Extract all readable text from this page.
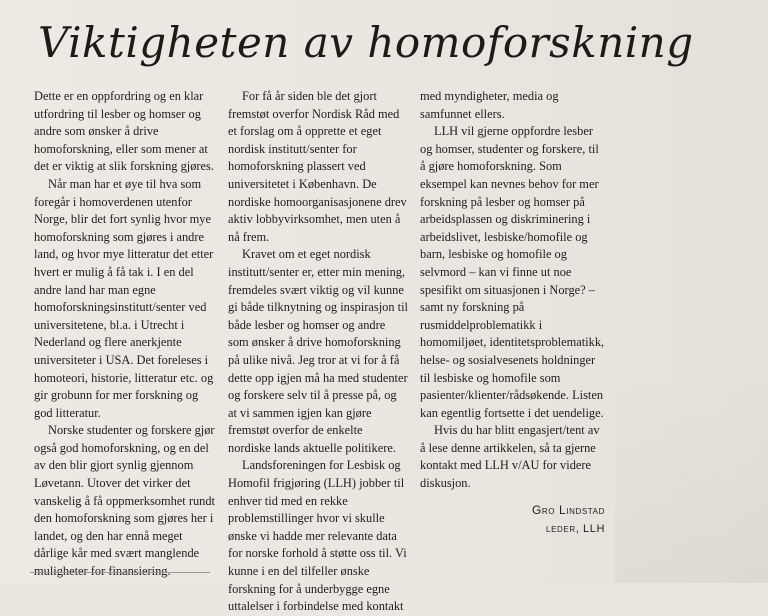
Viktigheten av homoforskning

Dette er en oppfordring og en klar utfordring til lesber og homser og andre som ønsker å drive homoforskning, eller som mener at det er viktig at slik forskning gjøres.

Når man har et øye til hva som foregår i homoverdenen utenfor Norge, blir det fort synlig hvor mye homoforskning som gjøres i andre land, og hvor mye litteratur det etter hvert er mulig å få tak i. I en del andre land har man egne homoforskningsinstitutt/senter ved universitetene, bl.a. i Utrecht i Nederland og flere anerkjente universiteter i USA. Det foreleses i homoteori, historie, litteratur etc. og gir grobunn for mer forskning og god litteratur.

Norske studenter og forskere gjør også god homoforskning, og en del av den blir gjort synlig gjennom Løvetann. Utover det virker det vanskelig å få oppmerksomhet rundt den homoforskning som gjøres her i landet, og den har ennå meget dårlige kår med svært manglende

For få år siden ble det gjort fremstøt overfor Nordisk Råd med et forslag om å opprette et eget nordisk institutt/senter for homoforskning plassert ved universitetet i København. De nordiske homoorganisasjonene drev aktiv lobbyvirksomhet, men uten å nå frem.

Kravet om et eget nordisk institutt/senter er, etter min mening, fremdeles svært viktig og vil kunne gi både tilknytning og inspirasjon til både lesber og homser og andre som ønsker å drive homoforskning på ulike nivå. Jeg tror at vi for å få dette opp igjen må ha med studenter og forskere selv til å presse på, og at vi sammen igjen kan gjøre fremstøt overfor de enkelte nordiske lands aktuelle politikere.

Landsforeningen for Lesbisk og Homofil frigjøring (LLH) jobber til enhver tid med en rekke problemstillinger hvor vi skulle ønske vi hadde mer relevante data for norske forhold å støtte oss til. Vi kunne i en del tilfeller ønske forskning for å underbygge egne uttalelser i forbindelse med kontakt

med myndigheter, media og samfunnet ellers.

LLH vil gjerne oppfordre lesber og homser, studenter og forskere, til å gjøre homoforskning. Som eksempel kan nevnes behov for mer forskning på lesber og homser på arbeidsplassen og diskriminering i arbeidslivet, lesbiske/homofile og barn, lesbiske og homofile og selvmord – kan vi finne ut noe spesifikt om situasjonen i Norge? – samt ny forskning på rusmiddelproblematikk i homomiljøet, identitetsproblematikk, helse- og sosialvesenets holdninger til lesbiske og homofile som pasienter/klienter/rådsøkende. Listen kan egentlig fortsette i det uendelige.

Hvis du har blitt engasjert/tent av å lese denne artikkelen, så ta gjerne kontakt med LLH v/AU for videre diskusjon.

Gro Lindstad
leder, LLH
